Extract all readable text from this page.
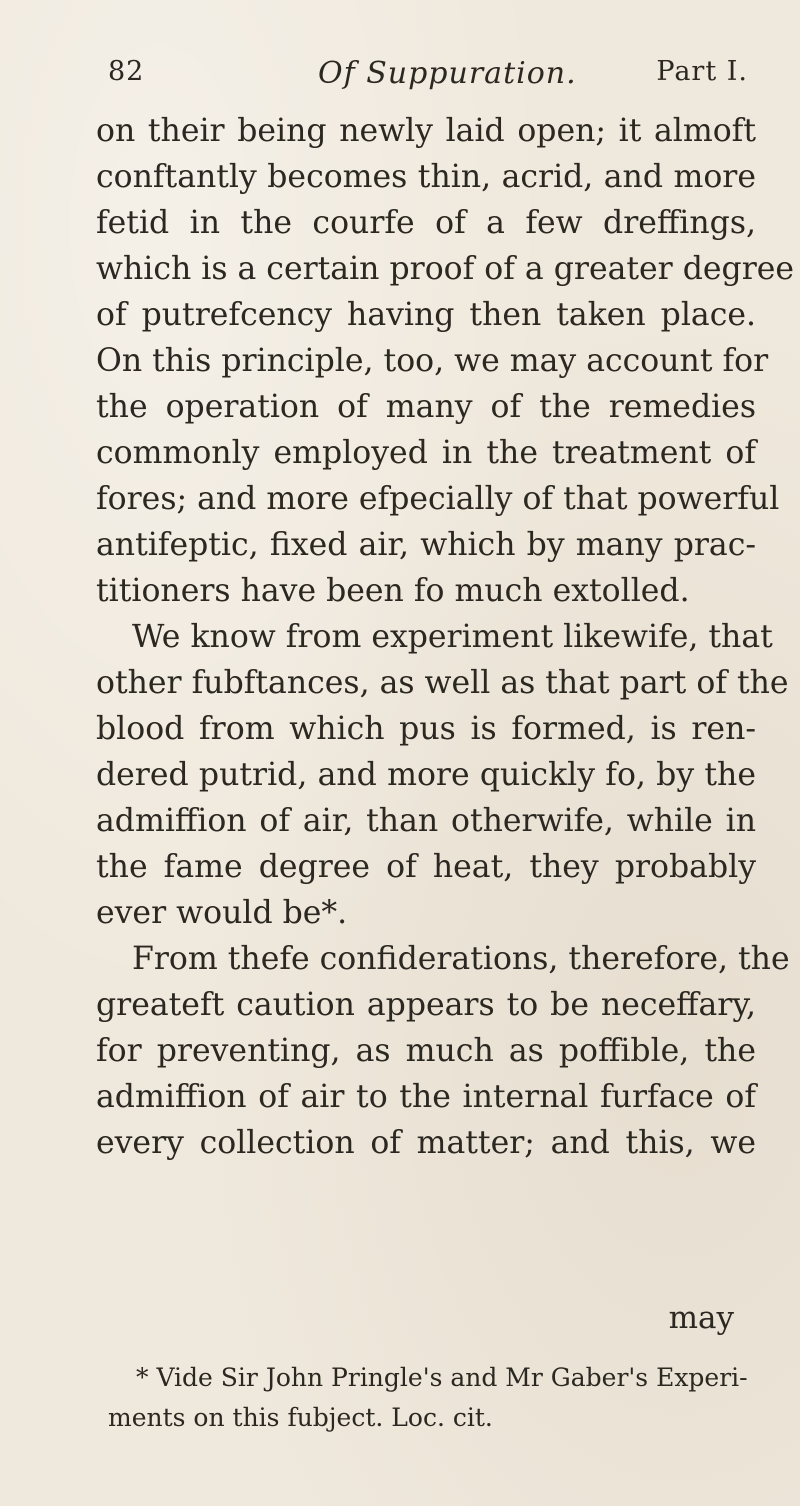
82	Of Suppuration.	Part I.
on their being newly laid open; it almoft
conftantly becomes thin, acrid, and more
fetid in the courfe of a few dreffings,
which is a certain proof of a greater degree
of putrefcency having then taken place.
On this principle, too, we may account for
the operation of many of the remedies
commonly employed in the treatment of
fores; and more efpecially of that powerful
antifeptic, fixed air, which by many prac-
titioners have been fo much extolled.
We know from experiment likewife, that
other fubftances, as well as that part of the
blood from which pus is formed, is ren-
dered putrid, and more quickly fo, by the
admiffion of air, than otherwife, while in
the fame degree of heat, they probably
ever would be*.
From thefe confiderations, therefore, the
greateft caution appears to be neceffary,
for preventing, as much as poffible, the
admiffion of air to the internal furface of
every collection of matter; and this, we
may
* Vide Sir John Pringle's and Mr Gaber's Experi-
ments on this fubject. Loc. cit.
